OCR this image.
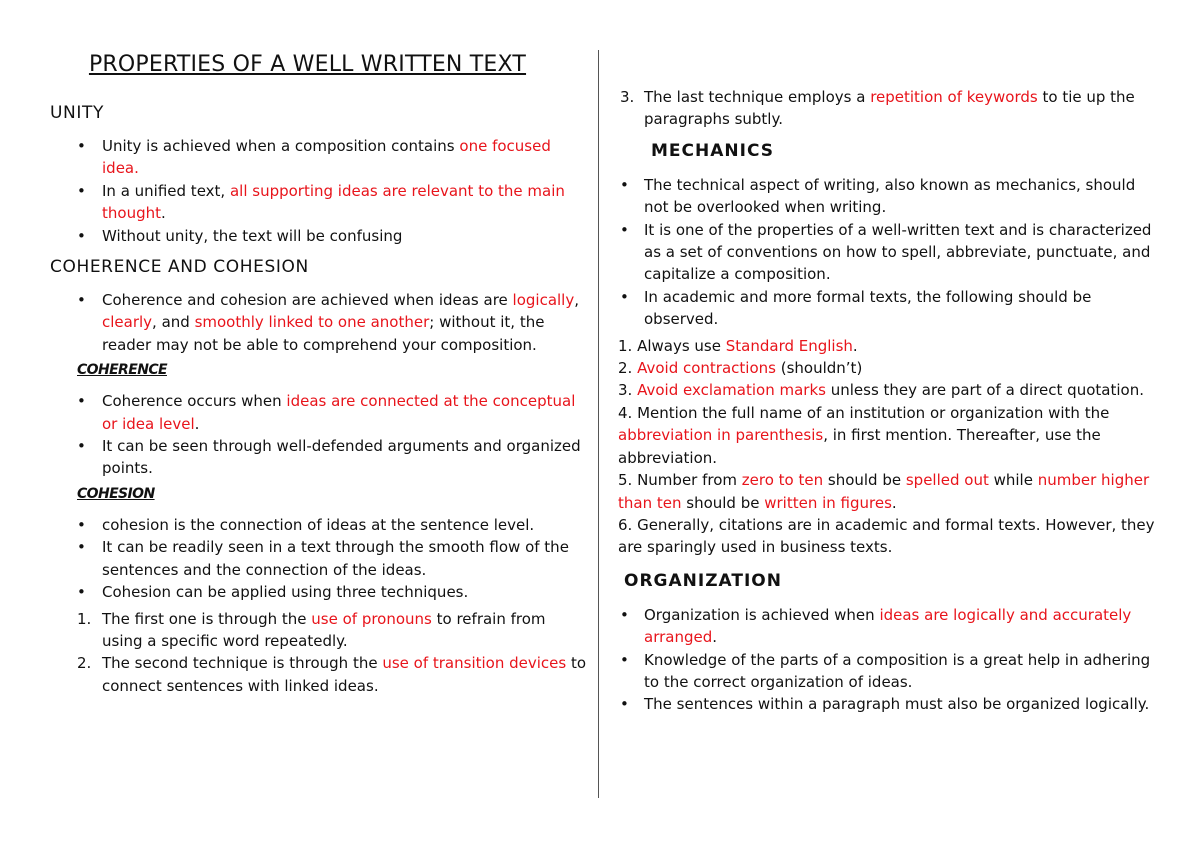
PROPERTIES OF A WELL WRITTEN TEXT
UNITY
• Unity is achieved when a composition contains one focused idea.
• In a unified text, all supporting ideas are relevant to the main thought.
• Without unity, the text will be confusing
COHERENCE AND COHESION
• Coherence and cohesion are achieved when ideas are logically, clearly, and smoothly linked to one another; without it, the reader may not be able to comprehend your composition.
COHERENCE
• Coherence occurs when ideas are connected at the conceptual or idea level.
• It can be seen through well-defended arguments and organized points.
COHESION
• cohesion is the connection of ideas at the sentence level.
• It can be readily seen in a text through the smooth flow of the sentences and the connection of the ideas.
• Cohesion can be applied using three techniques.
1. The first one is through the use of pronouns to refrain from using a specific word repeatedly.
2. The second technique is through the use of transition devices to connect sentences with linked ideas.
3. The last technique employs a repetition of keywords to tie up the paragraphs subtly.
MECHANICS
• The technical aspect of writing, also known as mechanics, should not be overlooked when writing.
• It is one of the properties of a well-written text and is characterized as a set of conventions on how to spell, abbreviate, punctuate, and capitalize a composition.
• In academic and more formal texts, the following should be observed.

1. Always use Standard English.

2. Avoid contractions (shouldn’t)

3. Avoid exclamation marks unless they are part of a direct quotation.

4. Mention the full name of an institution or organization with the abbreviation in parenthesis, in first mention. Thereafter, use the abbreviation.

5. Number from zero to ten should be spelled out while number higher than ten should be written in figures.

6. Generally, citations are in academic and formal texts. However, they are sparingly used in business texts.

ORGANIZATION
• Organization is achieved when ideas are logically and accurately arranged.
• Knowledge of the parts of a composition is a great help in adhering to the correct organization of ideas.
• The sentences within a paragraph must also be organized logically.
